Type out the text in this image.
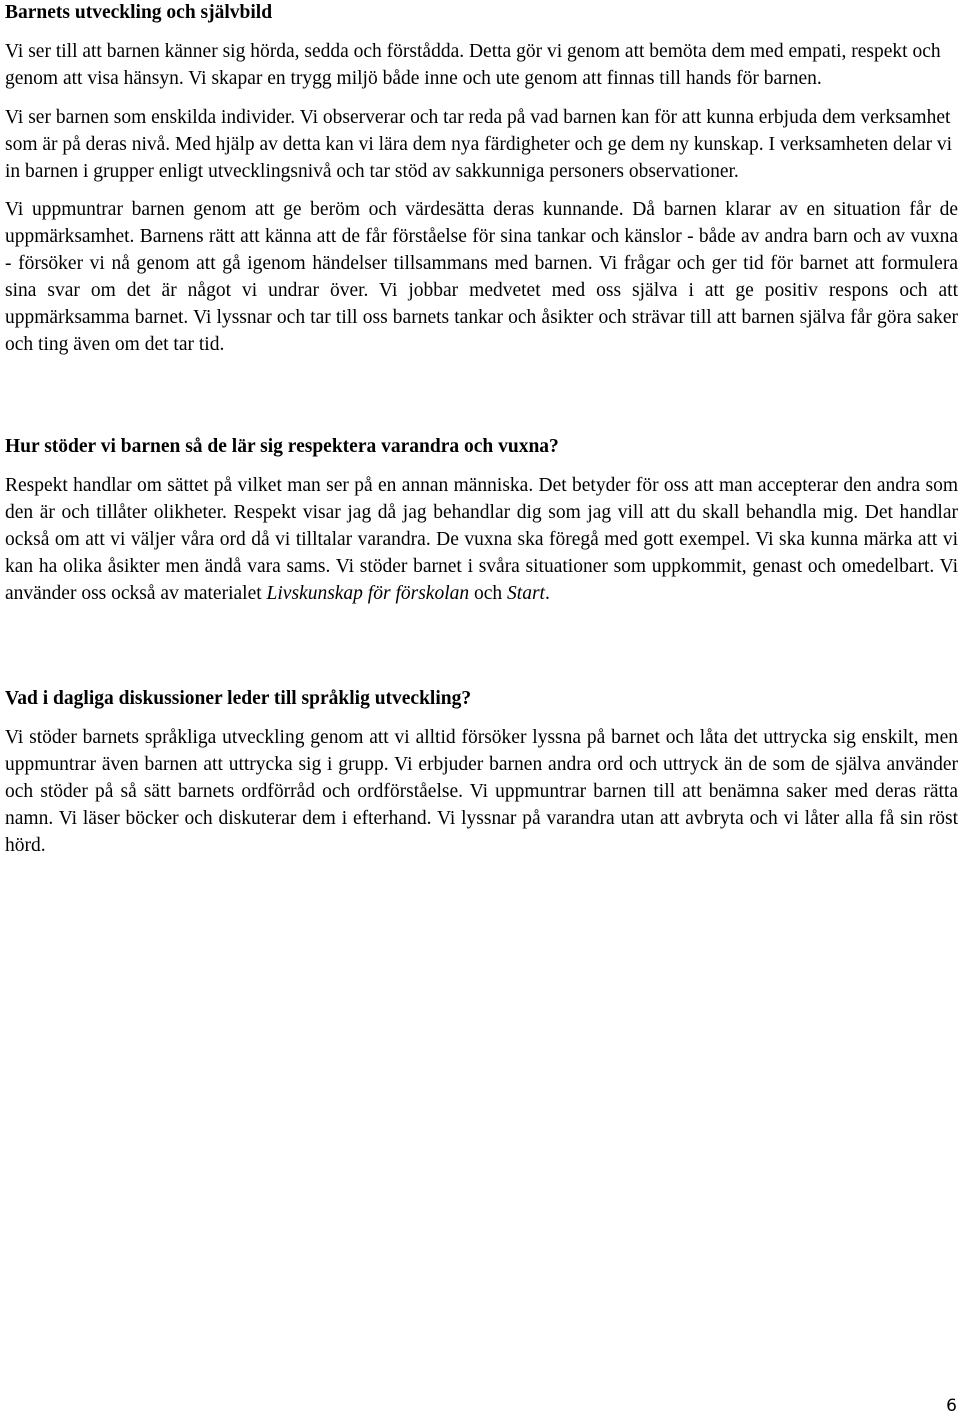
Barnets utveckling och självbild

Vi ser till att barnen känner sig hörda, sedda och förstådda. Detta gör vi genom att bemöta dem med empati, respekt och genom att visa hänsyn. Vi skapar en trygg miljö både inne och ute genom att finnas till hands för barnen.

Vi ser barnen som enskilda individer. Vi observerar och tar reda på vad barnen kan för att kunna erbjuda dem verksamhet som är på deras nivå. Med hjälp av detta kan vi lära dem nya färdigheter och ge dem ny kunskap. I verksamheten delar vi in barnen i grupper enligt utvecklingsnivå och tar stöd av sakkunniga personers observationer.

Vi uppmuntrar barnen genom att ge beröm och värdesätta deras kunnande. Då barnen klarar av en situation får de uppmärksamhet. Barnens rätt att känna att de får förståelse för sina tankar och känslor - både av andra barn och av vuxna - försöker vi nå genom att gå igenom händelser tillsammans med barnen. Vi frågar och ger tid för barnet att formulera sina svar om det är något vi undrar över. Vi jobbar medvetet med oss själva i att ge positiv respons och att uppmärksamma barnet. Vi lyssnar och tar till oss barnets tankar och åsikter och strävar till att barnen själva får göra saker och ting även om det tar tid.

Hur stöder vi barnen så de lär sig respektera varandra och vuxna?

Respekt handlar om sättet på vilket man ser på en annan människa. Det betyder för oss att man accepterar den andra som den är och tillåter olikheter. Respekt visar jag då jag behandlar dig som jag vill att du skall behandla mig. Det handlar också om att vi väljer våra ord då vi tilltalar varandra. De vuxna ska föregå med gott exempel. Vi ska kunna märka att vi kan ha olika åsikter men ändå vara sams. Vi stöder barnet i svåra situationer som uppkommit, genast och omedelbart. Vi använder oss också av materialet Livskunskap för förskolan och Start.

Vad i dagliga diskussioner leder till språklig utveckling?

Vi stöder barnets språkliga utveckling genom att vi alltid försöker lyssna på barnet och låta det uttrycka sig enskilt, men uppmuntrar även barnen att uttrycka sig i grupp. Vi erbjuder barnen andra ord och uttryck än de som de själva använder och stöder på så sätt barnets ordförråd och ordförståelse. Vi uppmuntrar barnen till att benämna saker med deras rätta namn. Vi läser böcker och diskuterar dem i efterhand. Vi lyssnar på varandra utan att avbryta och vi låter alla få sin röst hörd.

6
